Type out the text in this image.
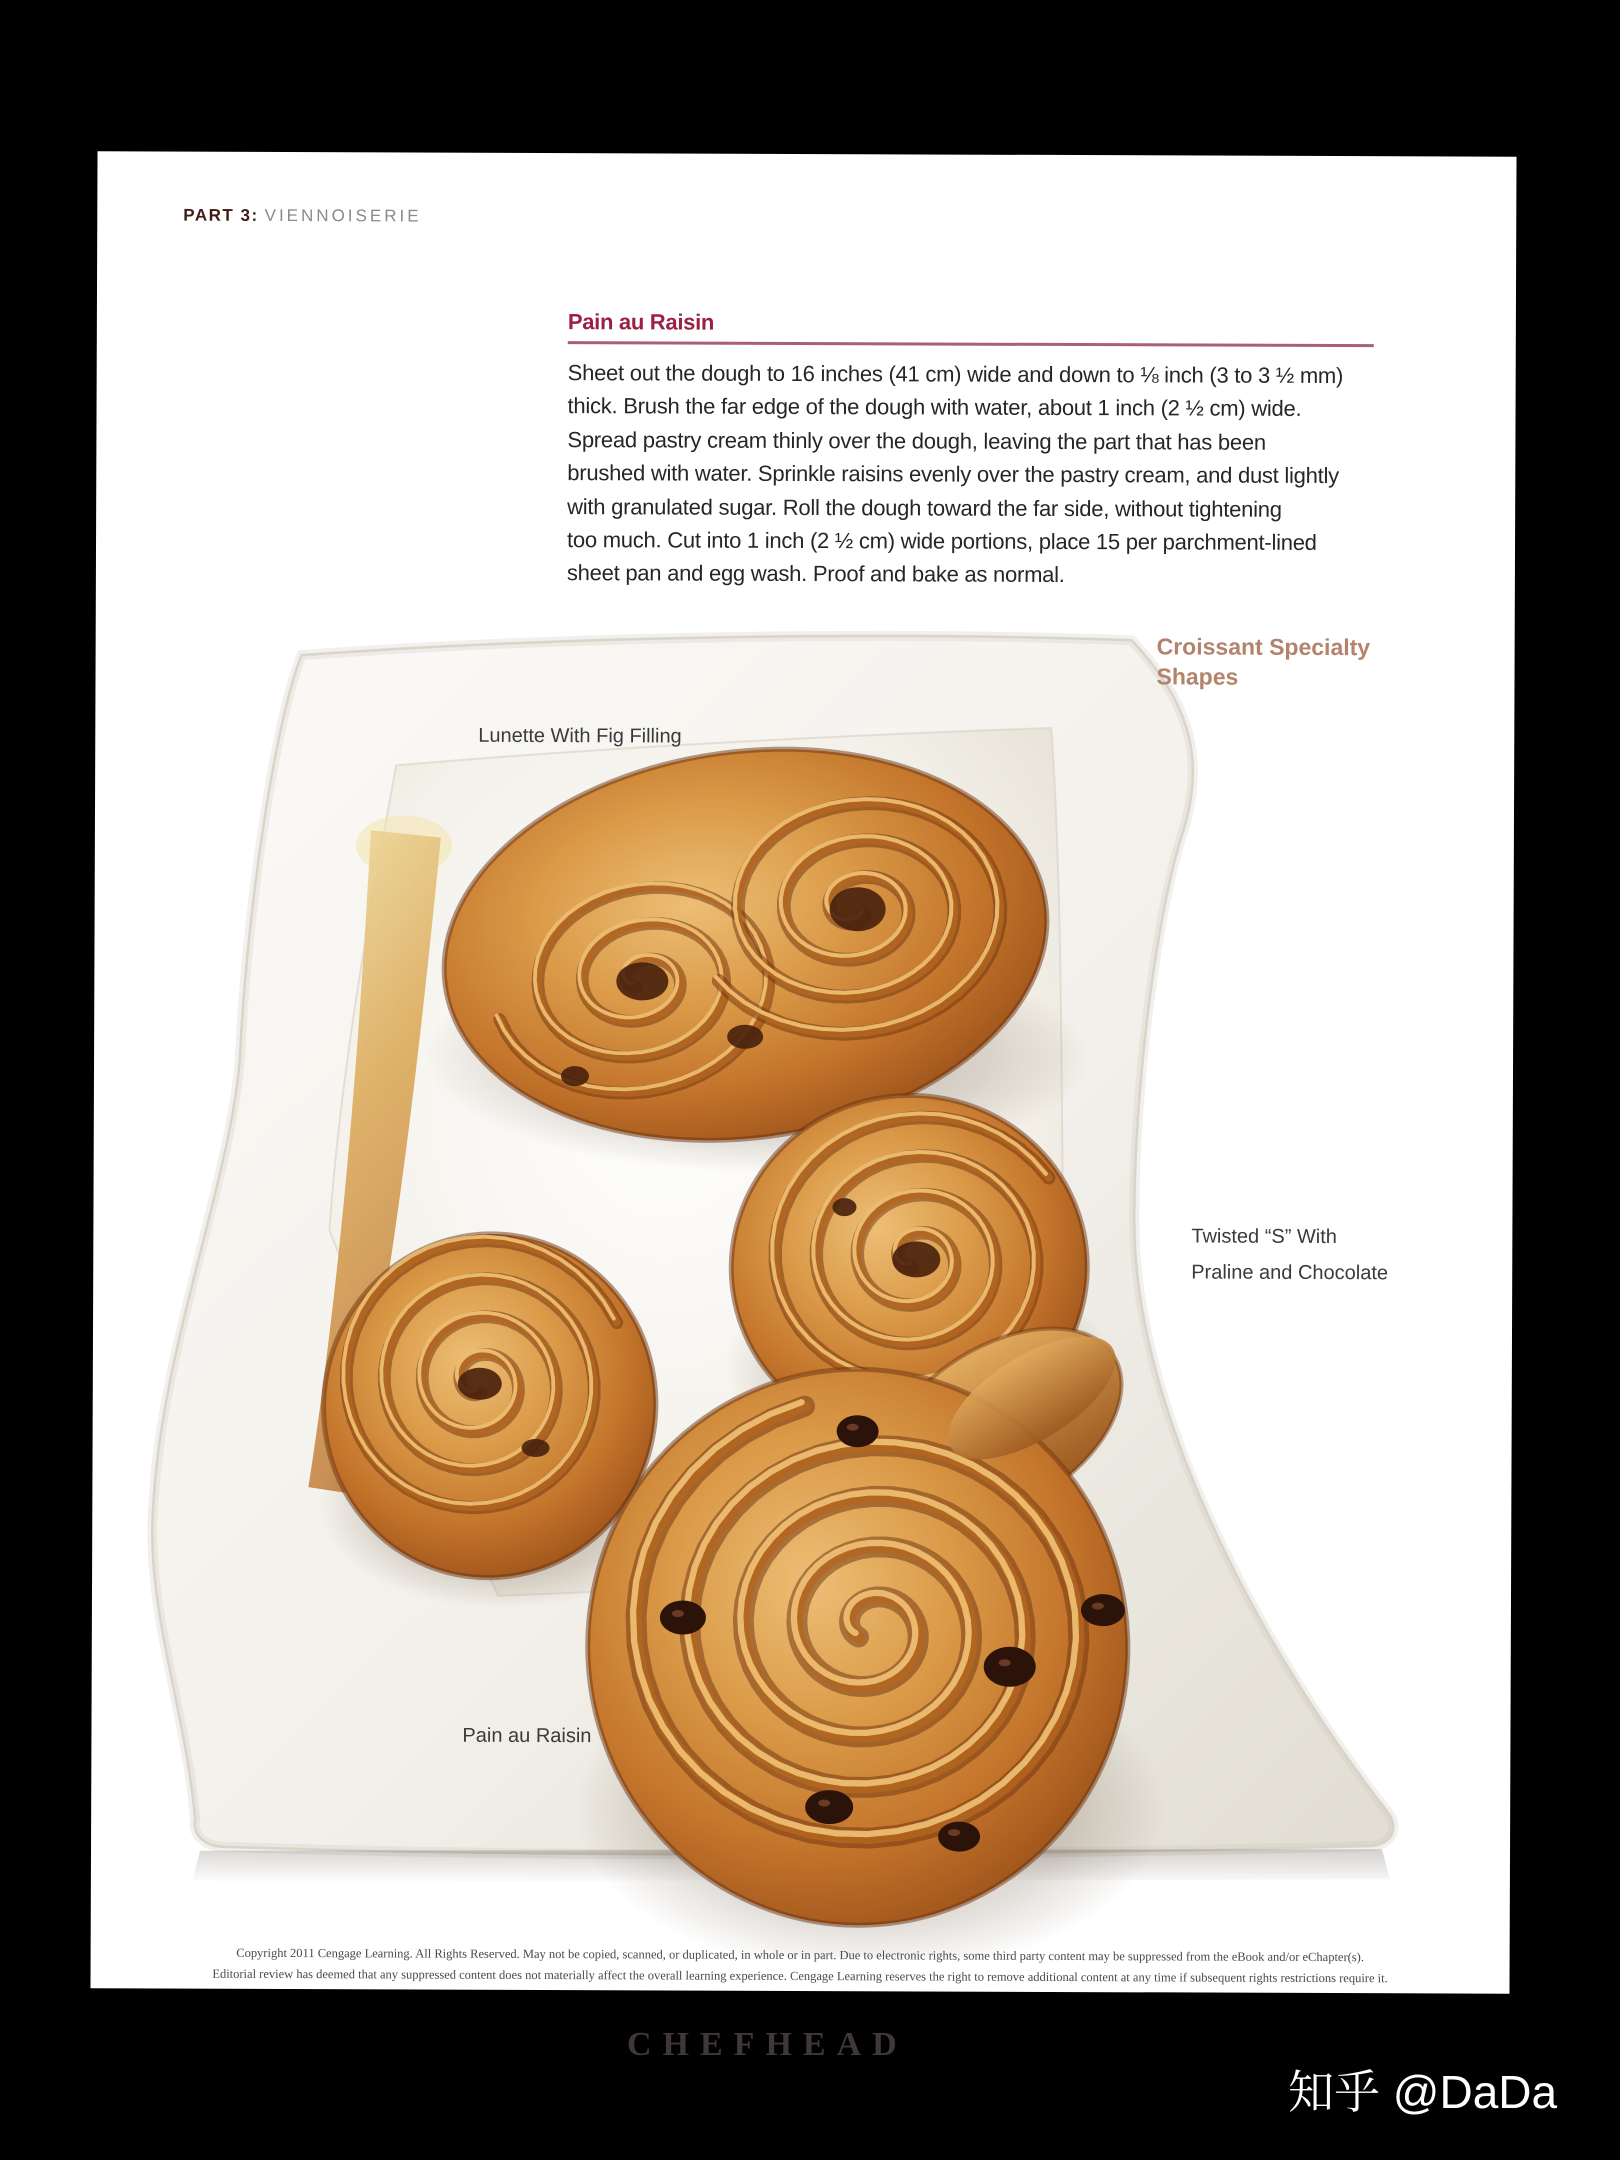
PART 3: VIENNOISERIE
Pain au Raisin
Sheet out the dough to 16 inches (41 cm) wide and down to ⅛ inch (3 to 3 ½ mm)
thick. Brush the far edge of the dough with water, about 1 inch (2 ½ cm) wide.
Spread pastry cream thinly over the dough, leaving the part that has been
brushed with water. Sprinkle raisins evenly over the pastry cream, and dust lightly
with granulated sugar. Roll the dough toward the far side, without tightening
too much. Cut into 1 inch (2 ½ cm) wide portions, place 15 per parchment-lined
sheet pan and egg wash. Proof and bake as normal.
Croissant Specialty
Shapes
Lunette With Fig Filling
Twisted “S” With
Praline and Chocolate
Pain au Raisin
Copyright 2011 Cengage Learning. All Rights Reserved. May not be copied, scanned, or duplicated, in whole or in part. Due to electronic rights, some third party content may be suppressed from the eBook and/or eChapter(s).
Editorial review has deemed that any suppressed content does not materially affect the overall learning experience. Cengage Learning reserves the right to remove additional content at any time if subsequent rights restrictions require it.
CHEFHEAD
知乎 @DaDa
